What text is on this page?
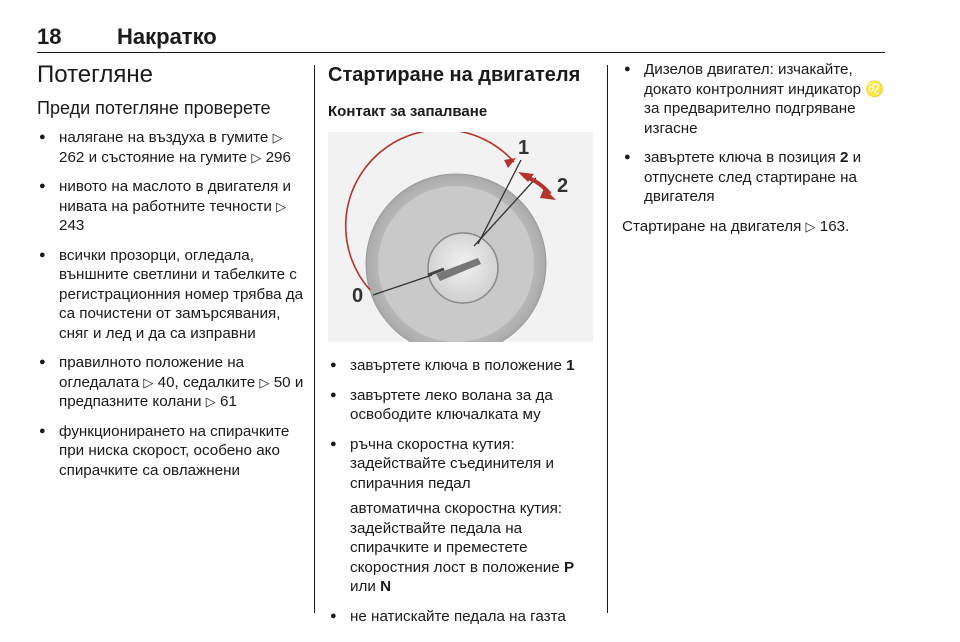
18	Накратко
Потегляне
Преди потегляне проверете
● налягане на въздуха в гумите ▷ 262 и състояние на гумите ▷ 296
● нивото на маслото в двигателя и нивата на работните течности ▷ 243
● всички прозорци, огледала, външните светлини и табелките с регистрационния номер трябва да са почистени от замърсявания, сняг и лед и да са изправни
● правилното положение на огледалата ▷ 40, седалките ▷ 50 и предпазните колани ▷ 61
● функционирането на спирачките при ниска скорост, особено ако спирачките са овлажнени
Стартиране на двигателя
Контакт за запалване
0
1
2
● завъртете ключа в положение 1
● завъртете леко волана за да освободите ключалката му
● ръчна скоростна кутия: задействайте съединителя и спирачния педал
автоматична скоростна кутия: задействайте педала на спирачките и преместете скоростния лост в положение P или N
● не натискайте педала на газта
● Дизелов двигател: изчакайте, докато контролният индикатор ♌ за предварително подгряване изгасне
● завъртете ключа в позиция 2 и отпуснете след стартиране на двигателя

Стартиране на двигателя ▷ 163.
